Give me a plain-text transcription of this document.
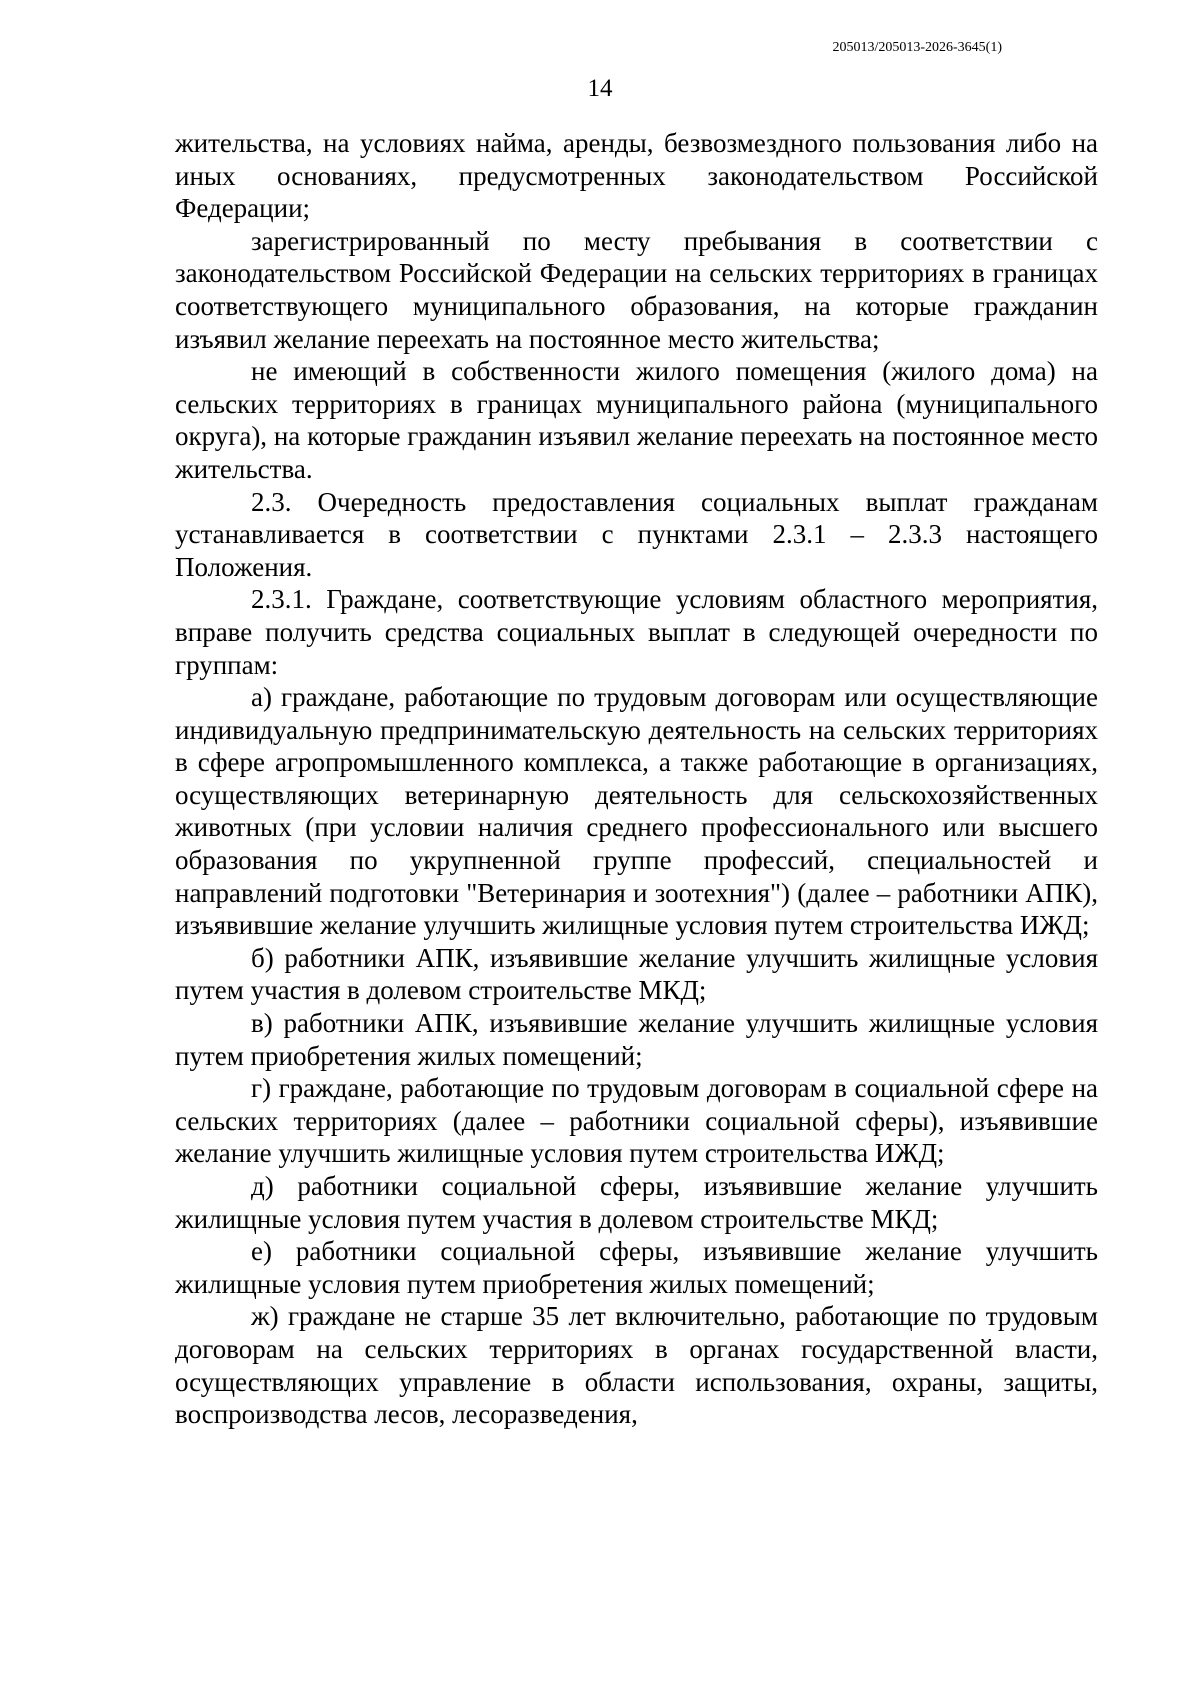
205013/205013-2026-3645(1)
14

жительства, на условиях найма, аренды, безвозмездного пользования либо на иных основаниях, предусмотренных законодательством Российской Федерации;

зарегистрированный по месту пребывания в соответствии с законодательством Российской Федерации на сельских территориях в границах соответствующего муниципального образования, на которые гражданин изъявил желание переехать на постоянное место жительства;

не имеющий в собственности жилого помещения (жилого дома) на сельских территориях в границах муниципального района (муниципального округа), на которые гражданин изъявил желание переехать на постоянное место жительства.

2.3. Очередность предоставления социальных выплат гражданам устанавливается в соответствии с пунктами 2.3.1 – 2.3.3 настоящего Положения.

2.3.1. Граждане, соответствующие условиям областного мероприятия, вправе получить средства социальных выплат в следующей очередности по группам:

а) граждане, работающие по трудовым договорам или осуществляющие индивидуальную предпринимательскую деятельность на сельских территориях в сфере агропромышленного комплекса, а также работающие в организациях, осуществляющих ветеринарную деятельность для сельскохозяйственных животных (при условии наличия среднего профессионального или высшего образования по укрупненной группе профессий, специальностей и направлений подготовки "Ветеринария и зоотехния") (далее – работники АПК), изъявившие желание улучшить жилищные условия путем строительства ИЖД;

б) работники АПК, изъявившие желание улучшить жилищные условия путем участия в долевом строительстве МКД;

в) работники АПК, изъявившие желание улучшить жилищные условия путем приобретения жилых помещений;

г) граждане, работающие по трудовым договорам в социальной сфере на сельских территориях (далее – работники социальной сферы), изъявившие желание улучшить жилищные условия путем строительства ИЖД;

д) работники социальной сферы, изъявившие желание улучшить жилищные условия путем участия в долевом строительстве МКД;

е) работники социальной сферы, изъявившие желание улучшить жилищные условия путем приобретения жилых помещений;

ж) граждане не старше 35 лет включительно, работающие по трудовым договорам на сельских территориях в органах государственной власти, осуществляющих управление в области использования, охраны, защиты, воспроизводства лесов, лесоразведения,
